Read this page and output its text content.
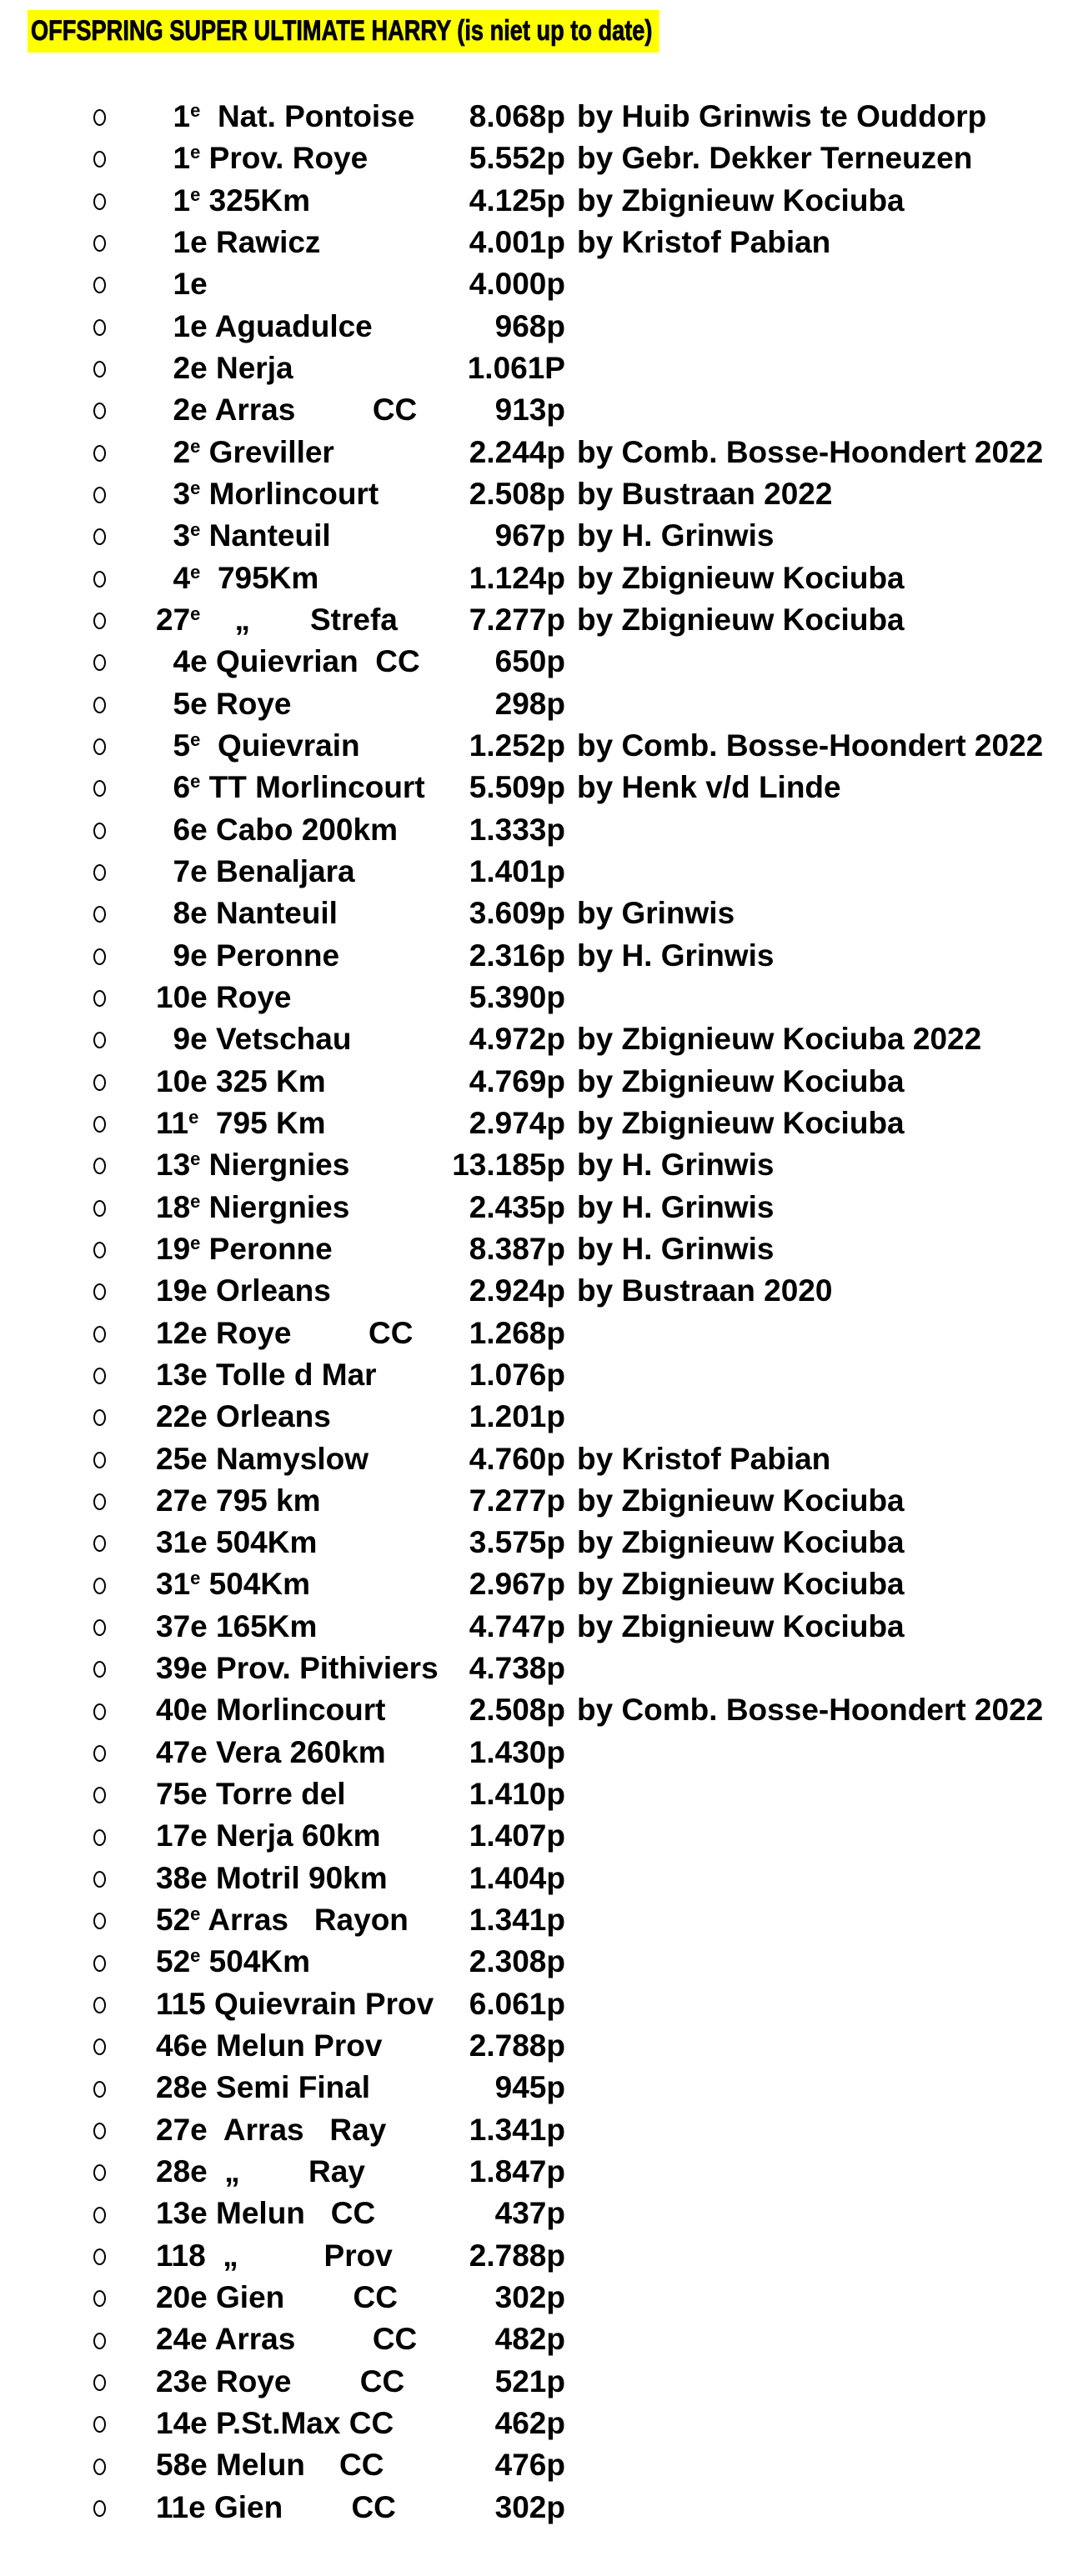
OFFSPRING SUPER ULTIMATE HARRY (is niet up to date)
1e  Nat. Pontoise	8.068p by Huib Grinwis te Ouddorp
1e Prov. Roye	5.552p by Gebr. Dekker Terneuzen
1e 325Km	4.125p by Zbignieuw Kociuba
1e Rawicz	4.001p by Kristof Pabian
1e	4.000p
1e Aguadulce	968p
2e Nerja	1.061P
2e Arras         CC	913p
2e Greviller	2.244p by Comb. Bosse-Hoondert 2022
3e Morlincourt	2.508p by Bustraan 2022
3e Nanteuil	967p by H. Grinwis
4e  795Km	1.124p by Zbignieuw Kociuba
27e    „       Strefa	7.277p by Zbignieuw Kociuba
4e Quievrian  CC	650p
5e Roye	298p
5e  Quievrain	1.252p by Comb. Bosse-Hoondert 2022
6e TT Morlincourt	5.509p by Henk v/d Linde
6e Cabo 200km	1.333p
7e Benaljara	1.401p
8e Nanteuil	3.609p by Grinwis
9e Peronne	2.316p by H. Grinwis
10e Roye	5.390p
9e Vetschau	4.972p by Zbignieuw Kociuba 2022
10e 325 Km	4.769p by Zbignieuw Kociuba
11e  795 Km	2.974p by Zbignieuw Kociuba
13e Niergnies	13.185p by H. Grinwis
18e Niergnies	2.435p by H. Grinwis
19e Peronne	8.387p by H. Grinwis
19e Orleans	2.924p by Bustraan 2020
12e Roye         CC	1.268p
13e Tolle d Mar	1.076p
22e Orleans	1.201p
25e Namyslow	4.760p by Kristof Pabian
27e 795 km	7.277p by Zbignieuw Kociuba
31e 504Km	3.575p by Zbignieuw Kociuba
31e 504Km	2.967p by Zbignieuw Kociuba
37e 165Km	4.747p by Zbignieuw Kociuba
39e Prov. Pithiviers	4.738p
40e Morlincourt	2.508p by Comb. Bosse-Hoondert 2022
47e Vera 260km	1.430p
75e Torre del	1.410p
17e Nerja 60km	1.407p
38e Motril 90km	1.404p
52e Arras   Rayon	1.341p
52e 504Km	2.308p
115 Quievrain Prov	6.061p
46e Melun Prov	2.788p
28e Semi Final	945p
27e  Arras   Ray	1.341p
28e  „        Ray	1.847p
13e Melun   CC	437p
118  „          Prov	2.788p
20e Gien        CC	302p
24e Arras         CC	482p
23e Roye        CC	521p
14e P.St.Max CC	462p
58e Melun    CC	476p
11e Gien        CC	302p
